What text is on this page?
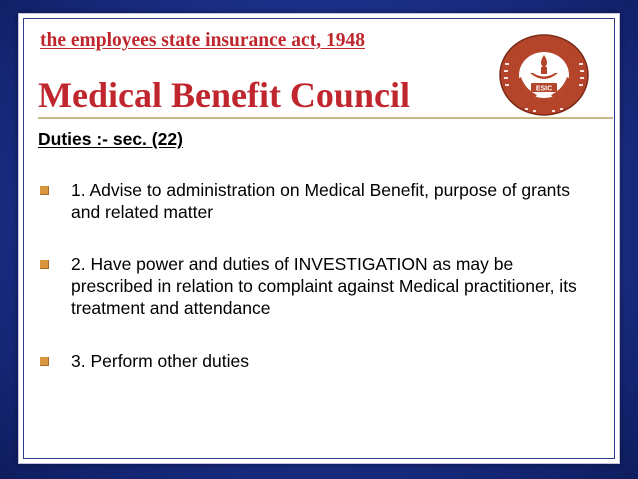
the employees state insurance act, 1948
Medical Benefit Council	ESIC
Duties :- sec. (22)
1. Advise to administration on Medical Benefit, purpose of grants and related matter
2. Have power and duties of INVESTIGATION as may be prescribed in relation to complaint against Medical practitioner, its treatment and attendance
3. Perform other duties
